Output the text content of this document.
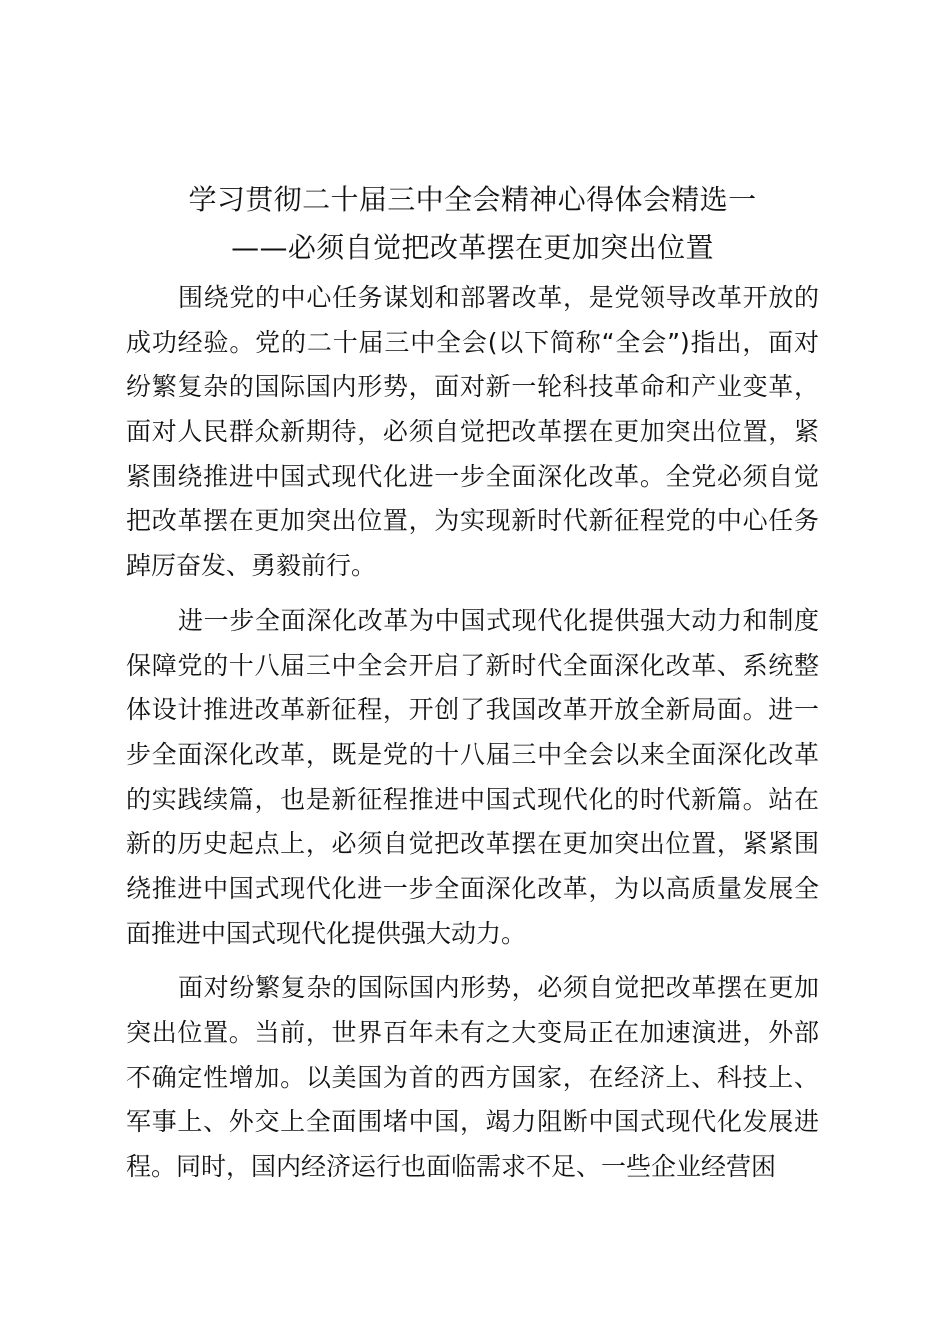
学习贯彻二十届三中全会精神心得体会精选一
——必须自觉把改革摆在更加突出位置
围绕党的中心任务谋划和部署改革，是党领导改革开放的
成功经验。党的二十届三中全会(以下简称“全会”)指出，面对
纷繁复杂的国际国内形势，面对新一轮科技革命和产业变革，
面对人民群众新期待，必须自觉把改革摆在更加突出位置，紧
紧围绕推进中国式现代化进一步全面深化改革。全党必须自觉
把改革摆在更加突出位置，为实现新时代新征程党的中心任务
踔厉奋发、勇毅前行。
进一步全面深化改革为中国式现代化提供强大动力和制度
保障党的十八届三中全会开启了新时代全面深化改革、系统整
体设计推进改革新征程，开创了我国改革开放全新局面。进一
步全面深化改革，既是党的十八届三中全会以来全面深化改革
的实践续篇，也是新征程推进中国式现代化的时代新篇。站在
新的历史起点上，必须自觉把改革摆在更加突出位置，紧紧围
绕推进中国式现代化进一步全面深化改革，为以高质量发展全
面推进中国式现代化提供强大动力。
面对纷繁复杂的国际国内形势，必须自觉把改革摆在更加
突出位置。当前，世界百年未有之大变局正在加速演进，外部
不确定性增加。以美国为首的西方国家，在经济上、科技上、
军事上、外交上全面围堵中国，竭力阻断中国式现代化发展进
程。同时，国内经济运行也面临需求不足、一些企业经营困
